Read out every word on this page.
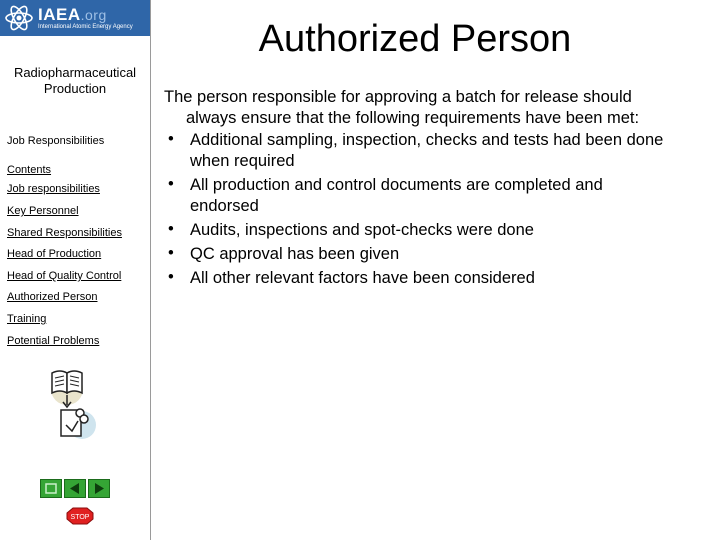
IAEA.org
International Atomic Energy Agency
Radiopharmaceutical Production
Job Responsibilities
Contents
Job responsibilities
Key Personnel
Shared Responsibilities
Head of Production
Head of Quality Control
Authorized Person
Training
Potential Problems
STOP
Authorized Person

The person responsible for approving a batch for release should always ensure that the following requirements have been met:

• Additional sampling, inspection, checks and tests had been done when required
• All production and control documents are completed and endorsed
• Audits, inspections and spot-checks were done
• QC approval has been given
• All other relevant factors have been considered
